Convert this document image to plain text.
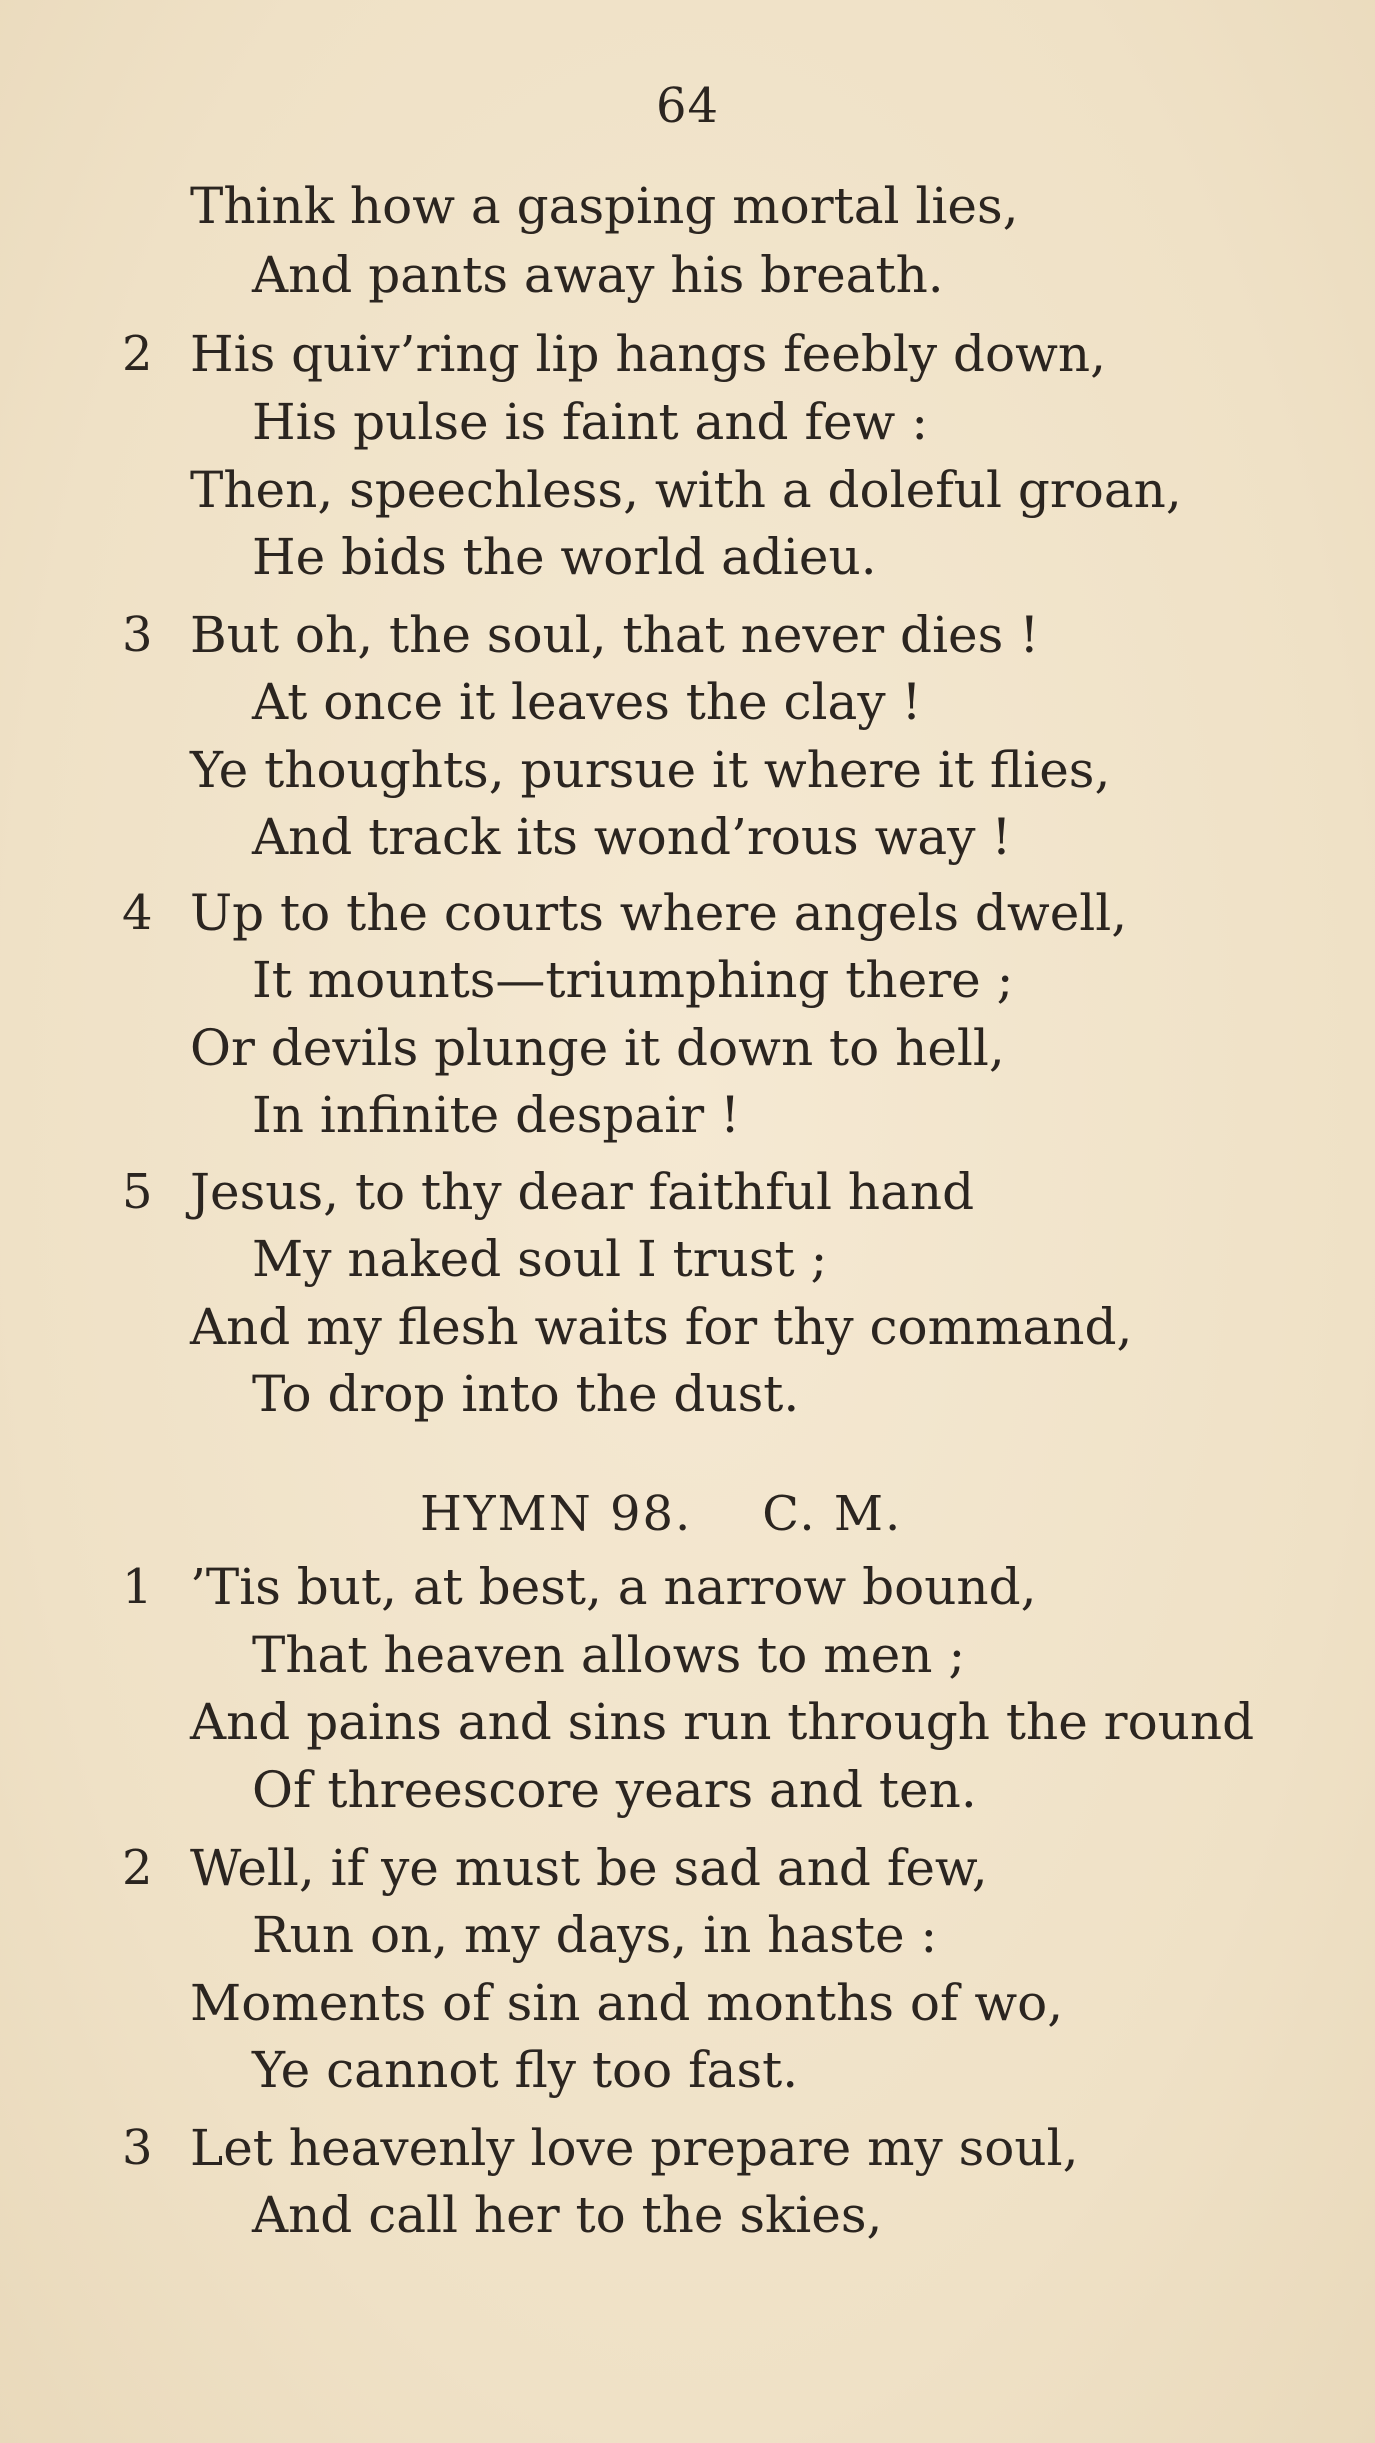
64
Think how a gasping mortal lies,
And pants away his breath.
2 His quiv’ring lip hangs feebly down,
His pulse is faint and few :
Then, speechless, with a doleful groan,
He bids the world adieu.
3 But oh, the soul, that never dies !
At once it leaves the clay !
Ye thoughts, pursue it where it flies,
And track its wond’rous way !
4 Up to the courts where angels dwell,
It mounts—triumphing there ;
Or devils plunge it down to hell,
In infinite despair !
5 Jesus, to thy dear faithful hand
My naked soul I trust ;
And my flesh waits for thy command,
To drop into the dust.
HYMN 98. C. M.
1 ’Tis but, at best, a narrow bound,
That heaven allows to men ;
And pains and sins run through the round
Of threescore years and ten.
2 Well, if ye must be sad and few,
Run on, my days, in haste :
Moments of sin and months of wo,
Ye cannot fly too fast.
3 Let heavenly love prepare my soul,
And call her to the skies,
